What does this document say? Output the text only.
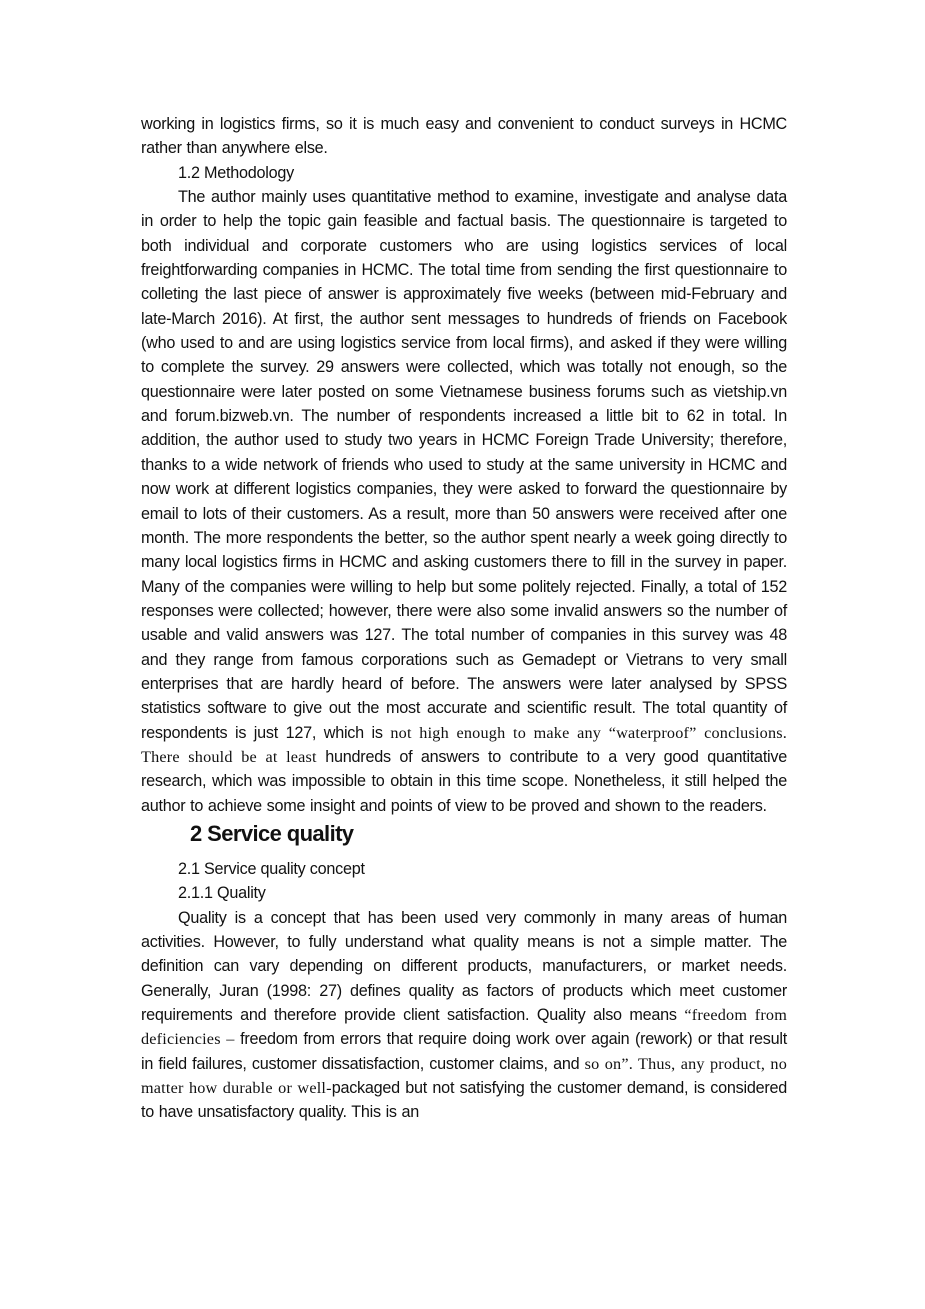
working in logistics firms, so it is much easy and convenient to conduct surveys in HCMC rather than anywhere else.

1.2 Methodology

The author mainly uses quantitative method to examine, investigate and analyse data in order to help the topic gain feasible and factual basis. The questionnaire is targeted to both individual and corporate customers who are using logistics services of local freightforwarding companies in HCMC. The total time from sending the first questionnaire to colleting the last piece of answer is approximately five weeks (between mid-February and late-March 2016). At first, the author sent messages to hundreds of friends on Facebook (who used to and are using logistics service from local firms), and asked if they were willing to complete the survey. 29 answers were collected, which was totally not enough, so the questionnaire were later posted on some Vietnamese business forums such as vietship.vn and forum.bizweb.vn. The number of respondents increased a little bit to 62 in total. In addition, the author used to study two years in HCMC Foreign Trade University; therefore, thanks to a wide network of friends who used to study at the same university in HCMC and now work at different logistics companies, they were asked to forward the questionnaire by email to lots of their customers. As a result, more than 50 answers were received after one month. The more respondents the better, so the author spent nearly a week going directly to many local logistics firms in HCMC and asking customers there to fill in the survey in paper. Many of the companies were willing to help but some politely rejected. Finally, a total of 152 responses were collected; however, there were also some invalid answers so the number of usable and valid answers was 127. The total number of companies in this survey was 48 and they range from famous corporations such as Gemadept or Vietrans to very small enterprises that are hardly heard of before. The answers were later analysed by SPSS statistics software to give out the most accurate and scientific result. The total quantity of respondents is just 127, which is not high enough to make any “waterproof” conclusions. There should be at least hundreds of answers to contribute to a very good quantitative research, which was impossible to obtain in this time scope. Nonetheless, it still helped the author to achieve some insight and points of view to be proved and shown to the readers.

2 Service quality

2.1 Service quality concept

2.1.1 Quality

Quality is a concept that has been used very commonly in many areas of human activities. However, to fully understand what quality means is not a simple matter. The definition can vary depending on different products, manufacturers, or market needs. Generally, Juran (1998: 27) defines quality as factors of products which meet customer requirements and therefore provide client satisfaction. Quality also means “freedom from deficiencies – freedom from errors that require doing work over again (rework) or that result in field failures, customer dissatisfaction, customer claims, and so on”. Thus, any product, no matter how durable or well-packaged but not satisfying the customer demand, is considered to have unsatisfactory quality. This is an
